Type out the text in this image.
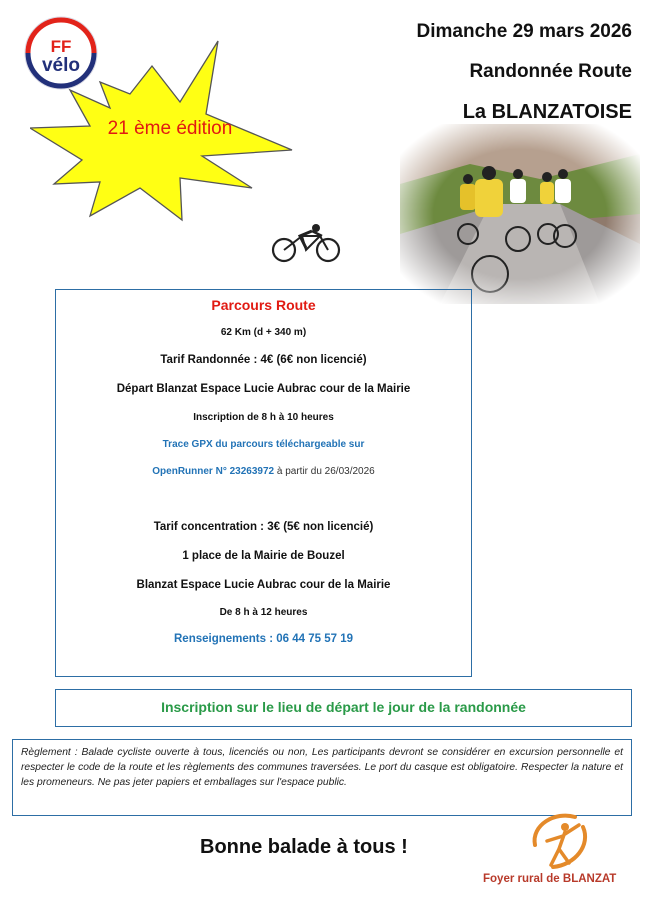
FF
vélo
Dimanche 29 mars 2026
Randonnée Route
La BLANZATOISE
21 ème édition
Parcours Route
62 Km (d + 340 m)
Tarif Randonnée : 4€ (6€ non licencié)
Départ Blanzat Espace Lucie Aubrac cour de la Mairie
Inscription de 8 h à 10 heures
Trace GPX du parcours téléchargeable sur
OpenRunner N° 23263972 à partir du 26/03/2026
Tarif concentration : 3€ (5€ non licencié)
1 place de la Mairie de Bouzel
Blanzat Espace Lucie Aubrac cour de la Mairie
De 8 h à 12 heures
Renseignements : 06 44 75 57 19
Inscription sur le lieu de départ le jour de la randonnée
Règlement : Balade cycliste ouverte à tous, licenciés ou non, Les participants devront se considérer en excursion personnelle et respecter le code de la route et les règlements des communes traversées. Le port du casque est obligatoire. Respecter la nature et les promeneurs. Ne pas jeter papiers et emballages sur l'espace public.
Bonne balade à tous !
Foyer rural de BLANZAT
